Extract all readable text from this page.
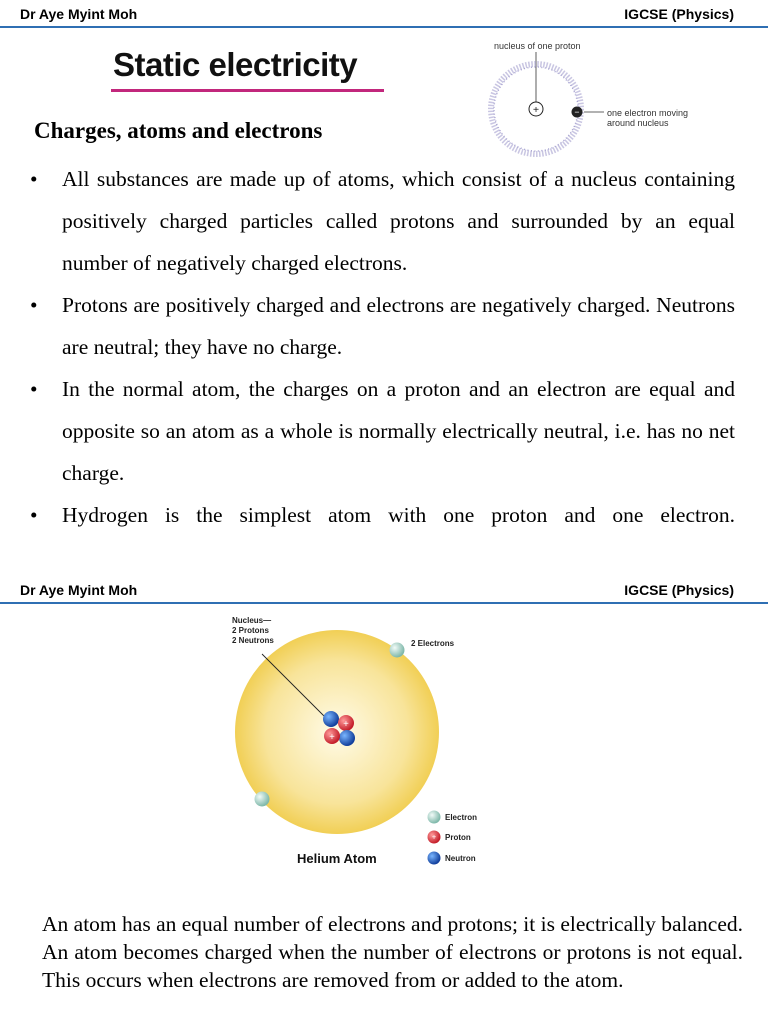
Dr Aye Myint Moh	IGCSE (Physics)
Static electricity
Charges, atoms and electrons
nucleus of one proton
+	−	one electron moving
around nucleus
• All substances are made up of atoms, which consist of a nucleus containing positively charged particles called protons and surrounded by an equal number of negatively charged electrons.
• Protons are positively charged and electrons are negatively charged. Neutrons are neutral; they have no charge.
• In the normal atom, the charges on a proton and an electron are equal and opposite so an atom as a whole is normally electrically neutral, i.e. has no net charge.
• Hydrogen is the simplest atom with one proton and one electron.
Dr Aye Myint Moh	IGCSE (Physics)
Nucleus—
2 Protons
2 Neutrons	2 Electrons
+
+
Helium Atom
Electron
+ Proton
Neutron

An atom has an equal number of electrons and protons; it is electrically balanced. An atom becomes charged when the number of electrons or protons is not equal. This occurs when electrons are removed from or added to the atom.
